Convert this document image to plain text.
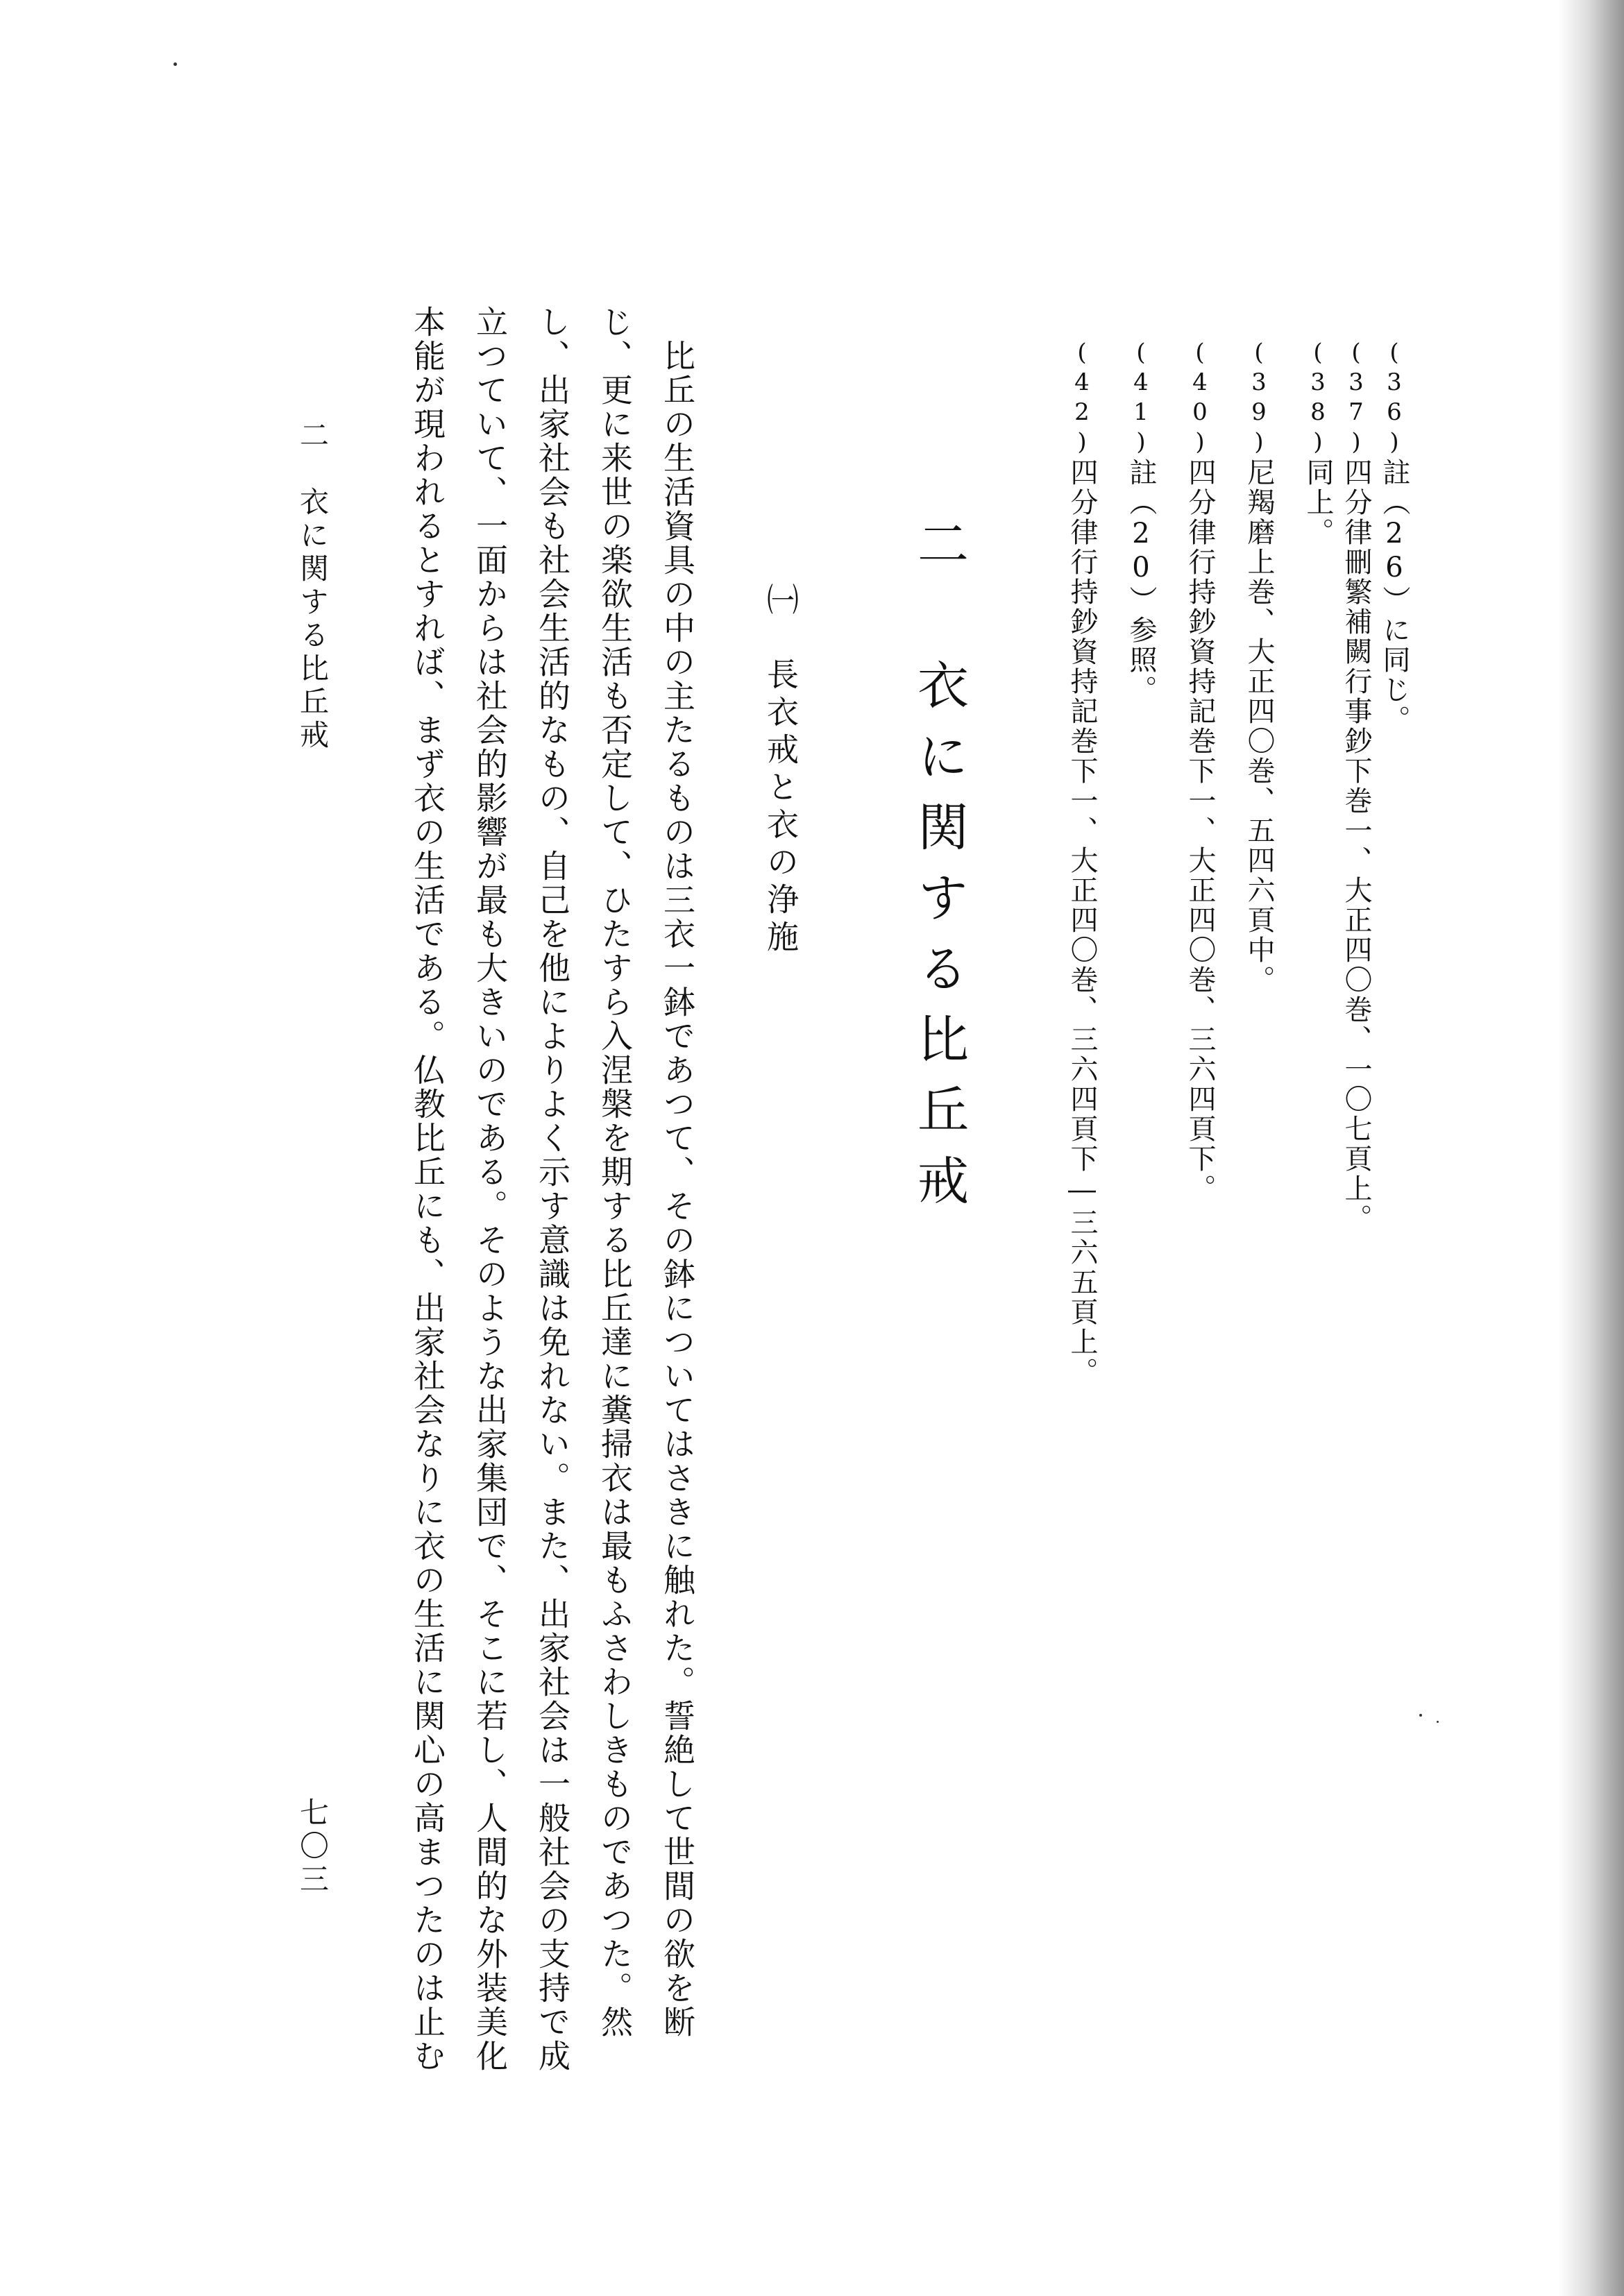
(36)註（26）に同じ。
(37)四分律刪繁補闕行事鈔下巻一、大正四〇巻、一〇七頁上。
(38)同上。
(39)尼羯磨上巻、大正四〇巻、五四六頁中。
(40)四分律行持鈔資持記巻下一、大正四〇巻、三六四頁下。
(41)註（20）参照。
(42)四分律行持鈔資持記巻下一、大正四〇巻、三六四頁下―三六五頁上。
二　衣に関する比丘戒
㈠　長衣戒と衣の浄施
　比丘の生活資具の中の主たるものは三衣一鉢であつて、その鉢についてはさきに触れた。誓絶して世間の欲を断
じ、更に来世の楽欲生活も否定して、ひたすら入涅槃を期する比丘達に糞掃衣は最もふさわしきものであつた。然
し、出家社会も社会生活的なもの、自己を他によりよく示す意識は免れない。また、出家社会は一般社会の支持で成
立つていて、一面からは社会的影響が最も大きいのである。そのような出家集団で、そこに若し、人間的な外装美化
本能が現われるとすれば、まず衣の生活である。仏教比丘にも、出家社会なりに衣の生活に関心の高まつたのは止む
二　衣に関する比丘戒
七〇三
